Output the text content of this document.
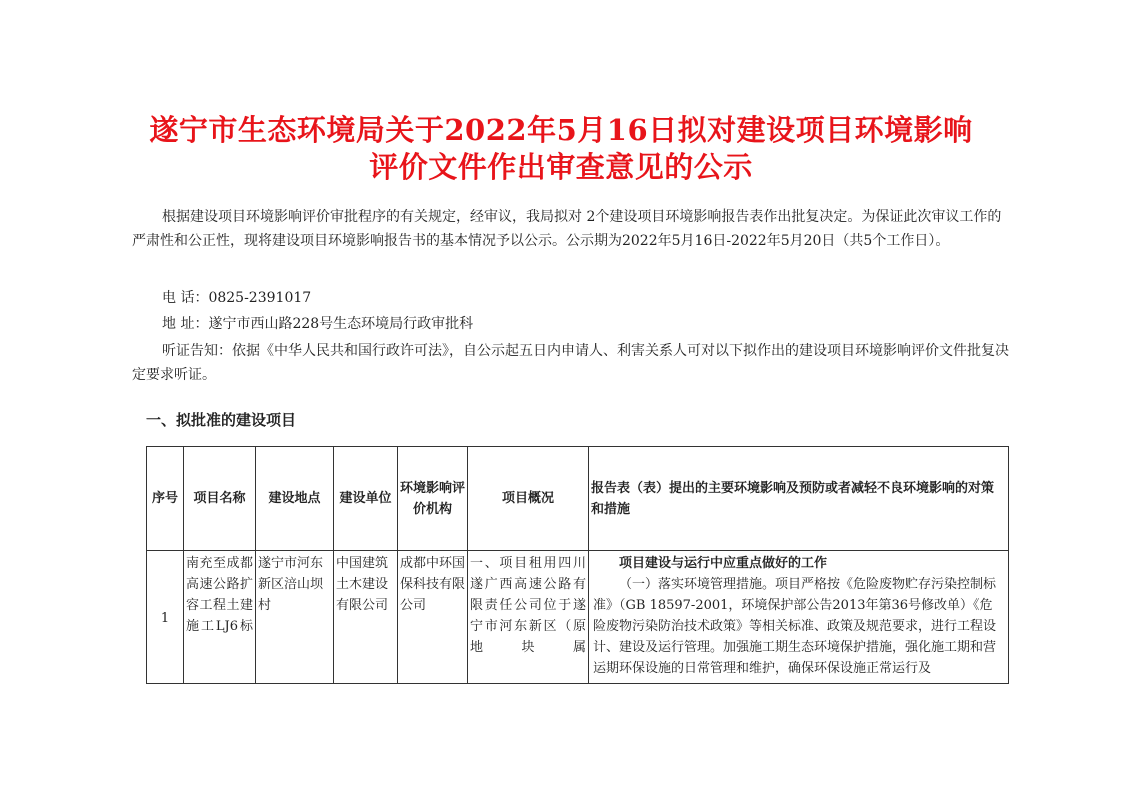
遂宁市生态环境局关于2022年5月16日拟对建设项目环境影响
评价文件作出审查意见的公示
根据建设项目环境影响评价审批程序的有关规定，经审议，我局拟对 2个建设项目环境影响报告表作出批复决定。为保证此次审议工作的严肃性和公正性，现将建设项目环境影响报告书的基本情况予以公示。公示期为2022年5月16日-2022年5月20日（共5个工作日）。
电 话：0825-2391017
地 址：遂宁市西山路228号生态环境局行政审批科
听证告知：依据《中华人民共和国行政许可法》，自公示起五日内申请人、利害关系人可对以下拟作出的建设项目环境影响评价文件批复决定要求听证。
一、拟批准的建设项目
序号	项目名称	建设地点	建设单位	环境影响评价机构	项目概况	报告表（表）提出的主要环境影响及预防或者减轻不良环境影响的对策和措施
1	南充至成都高速公路扩容工程土建施工LJ6标	遂宁市河东新区涪山坝村	中国建筑土木建设有限公司	成都中环国保科技有限公司	一、项目租用四川遂广西高速公路有限责任公司位于遂宁市河东新区（原地块属	项目建设与运行中应重点做好的工作
（一）落实环境管理措施。项目严格按《危险废物贮存污染控制标准》（GB 18597-2001，环境保护部公告2013年第36号修改单）《危险废物污染防治技术政策》等相关标准、政策及规范要求，进行工程设计、建设及运行管理。加强施工期生态环境保护措施，强化施工期和营运期环保设施的日常管理和维护，确保环保设施正常运行及
